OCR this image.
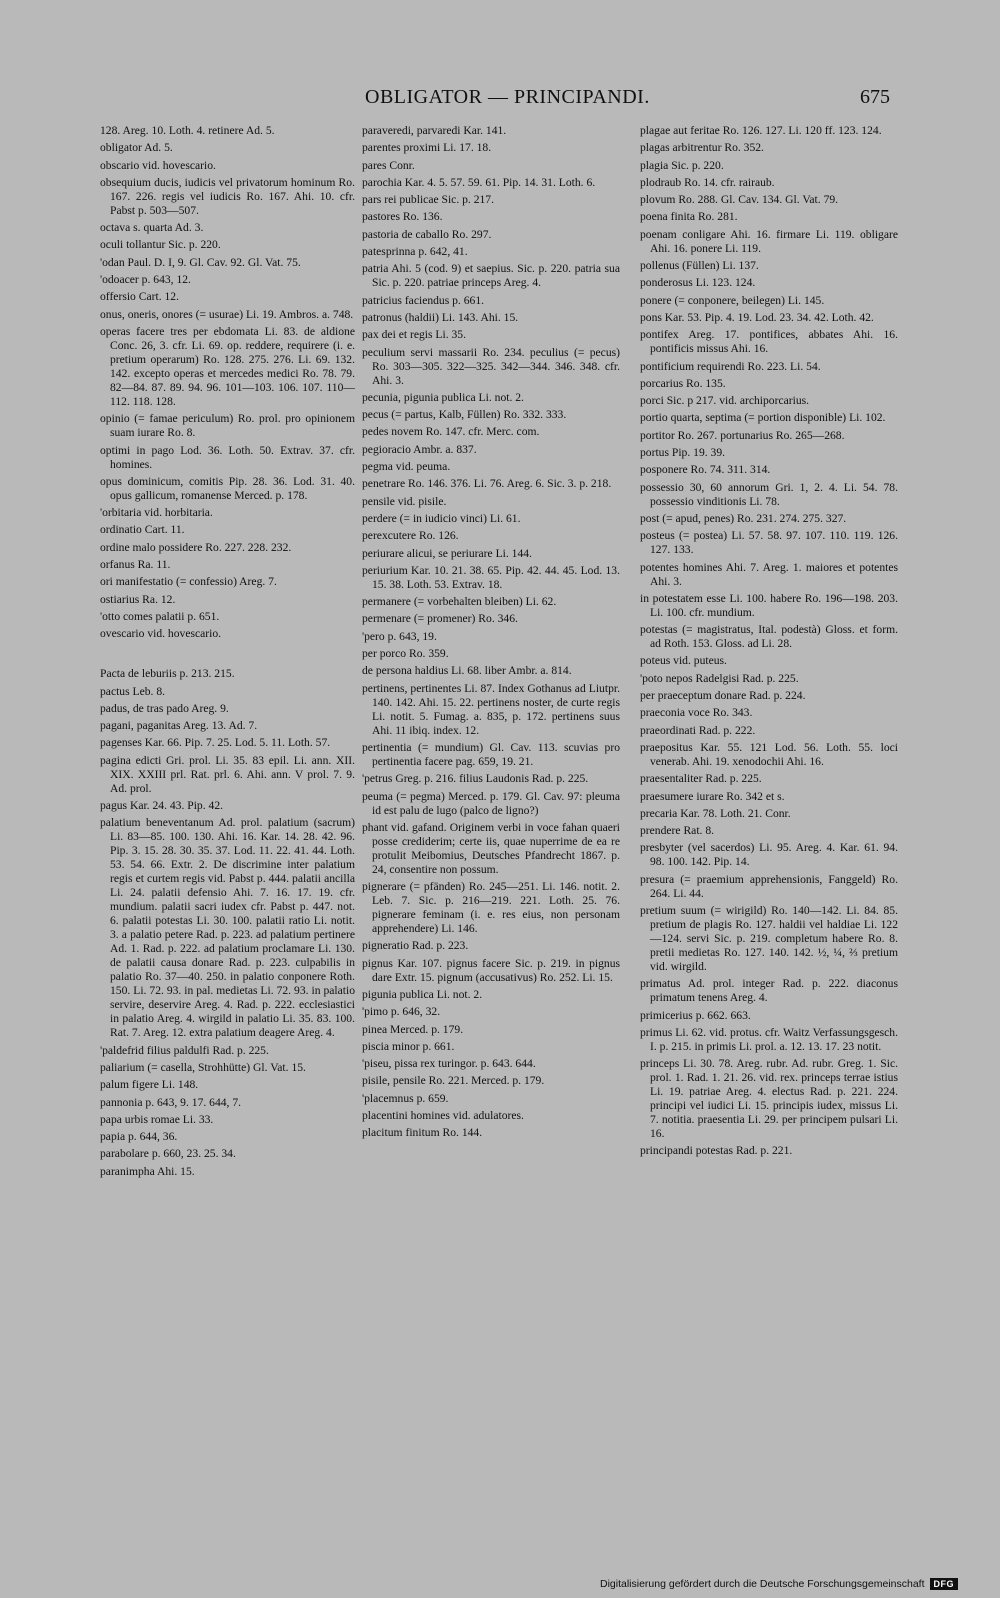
OBLIGATOR — PRINCIPANDI.	675
128. Areg. 10. Loth. 4. retinere Ad. 5.
obligator Ad. 5.
obscario vid. hovescario.
obsequium ducis, iudicis vel privatorum hominum Ro. 167. 226. regis vel iudicis Ro. 167. Ahi. 10. cfr. Pabst p. 503—507.
octava s. quarta Ad. 3.
oculi tollantur Sic. p. 220.
'odan Paul. D. I, 9. Gl. Cav. 92. Gl. Vat. 75.
'odoacer p. 643, 12.
offersio Cart. 12.
onus, oneris, onores (= usurae) Li. 19. Ambros. a. 748.
operas facere tres per ebdomata Li. 83. de aldione Conc. 26, 3. cfr. Li. 69. op. reddere, requirere (i. e. pretium operarum) Ro. 128. 275. 276. Li. 69. 132. 142. excepto operas et mercedes medici Ro. 78. 79. 82—84. 87. 89. 94. 96. 101—103. 106. 107. 110—112. 118. 128.
opinio (= famae periculum) Ro. prol. pro opinionem suam iurare Ro. 8.
optimi in pago Lod. 36. Loth. 50. Extrav. 37. cfr. homines.
opus dominicum, comitis Pip. 28. 36. Lod. 31. 40. opus gallicum, romanense Merced. p. 178.
'orbitaria vid. horbitaria.
ordinatio Cart. 11.
ordine malo possidere Ro. 227. 228. 232.
orfanus Ra. 11.
ori manifestatio (= confessio) Areg. 7.
ostiarius Ra. 12.
'otto comes palatii p. 651.
ovescario vid. hovescario.
Pacta de leburiis p. 213. 215.
pactus Leb. 8.
padus, de tras pado Areg. 9.
pagani, paganitas Areg. 13. Ad. 7.
pagenses Kar. 66. Pip. 7. 25. Lod. 5. 11. Loth. 57.
pagina edicti Gri. prol. Li. 35. 83 epil. Li. ann. XII. XIX. XXIII prl. Rat. prl. 6. Ahi. ann. V prol. 7. 9. Ad. prol.
pagus Kar. 24. 43. Pip. 42.
palatium beneventanum Ad. prol. palatium (sacrum) Li. 83—85. 100. 130. Ahi. 16. Kar. 14. 28. 42. 96. Pip. 3. 15. 28. 30. 35. 37. Lod. 11. 22. 41. 44. Loth. 53. 54. 66. Extr. 2. De discrimine inter palatium regis et curtem regis vid. Pabst p. 444. palatii ancilla Li. 24. palatii defensio Ahi. 7. 16. 17. 19. cfr. mundium. palatii sacri iudex cfr. Pabst p. 447. not. 6. palatii potestas Li. 30. 100. palatii ratio Li. notit. 3. a palatio petere Rad. p. 223. ad palatium pertinere Ad. 1. Rad. p. 222. ad palatium proclamare Li. 130. de palatii causa donare Rad. p. 223. culpabilis in palatio Ro. 37—40. 250. in palatio conponere Roth. 150. Li. 72. 93. in pal. medietas Li. 72. 93. in palatio servire, deservire Areg. 4. Rad. p. 222. ecclesiastici in palatio Areg. 4. wirgild in palatio Li. 35. 83. 100. Rat. 7. Areg. 12. extra palatium deagere Areg. 4.
'paldefrid filius paldulfi Rad. p. 225.
paliarium (= casella, Strohhütte) Gl. Vat. 15.
palum figere Li. 148.
pannonia p. 643, 9. 17. 644, 7.
papa urbis romae Li. 33.
papia p. 644, 36.
parabolare p. 660, 23. 25. 34.
paranimpha Ahi. 15.
paraveredi, parvaredi Kar. 141.
parentes proximi Li. 17. 18.
pares Conr.
parochia Kar. 4. 5. 57. 59. 61. Pip. 14. 31. Loth. 6.
pars rei publicae Sic. p. 217.
pastores Ro. 136.
pastoria de caballo Ro. 297.
patesprinna p. 642, 41.
patria Ahi. 5 (cod. 9) et saepius. Sic. p. 220. patria sua Sic. p. 220. patriae princeps Areg. 4.
patricius faciendus p. 661.
patronus (haldii) Li. 143. Ahi. 15.
pax dei et regis Li. 35.
peculium servi massarii Ro. 234. peculius (= pecus) Ro. 303—305. 322—325. 342—344. 346. 348. cfr. Ahi. 3.
pecunia, pigunia publica Li. not. 2.
pecus (= partus, Kalb, Füllen) Ro. 332. 333.
pedes novem Ro. 147. cfr. Merc. com.
pegioracio Ambr. a. 837.
pegma vid. peuma.
penetrare Ro. 146. 376. Li. 76. Areg. 6. Sic. 3. p. 218.
pensile vid. pisile.
perdere (= in iudicio vinci) Li. 61.
perexcutere Ro. 126.
periurare alicui, se periurare Li. 144.
periurium Kar. 10. 21. 38. 65. Pip. 42. 44. 45. Lod. 13. 15. 38. Loth. 53. Extrav. 18.
permanere (= vorbehalten bleiben) Li. 62.
permenare (= promener) Ro. 346.
'pero p. 643, 19.
per porco Ro. 359.
de persona haldius Li. 68. liber Ambr. a. 814.
pertinens, pertinentes Li. 87. Index Gothanus ad Liutpr. 140. 142. Ahi. 15. 22. pertinens noster, de curte regis Li. notit. 5. Fumag. a. 835, p. 172. pertinens suus Ahi. 11 ibiq. index. 12.
pertinentia (= mundium) Gl. Cav. 113. scuvias pro pertinentia facere pag. 659, 19. 21.
'petrus Greg. p. 216. filius Laudonis Rad. p. 225.
peuma (= pegma) Merced. p. 179. Gl. Cav. 97: pleuma id est palu de lugo (palco de ligno?)
phant vid. gafand. Originem verbi in voce fahan quaeri posse crediderim; certe iis, quae nuperrime de ea re protulit Meibomius, Deutsches Pfandrecht 1867. p. 24, consentire non possum.
pignerare (= pfänden) Ro. 245—251. Li. 146. notit. 2. Leb. 7. Sic. p. 216—219. 221. Loth. 25. 76. pignerare feminam (i. e. res eius, non personam apprehendere) Li. 146.
pigneratio Rad. p. 223.
pignus Kar. 107. pignus facere Sic. p. 219. in pignus dare Extr. 15. pignum (accusativus) Ro. 252. Li. 15.
pigunia publica Li. not. 2.
'pimo p. 646, 32.
pinea Merced. p. 179.
piscia minor p. 661.
'piseu, pissa rex turingor. p. 643. 644.
pisile, pensile Ro. 221. Merced. p. 179.
'placemnus p. 659.
placentini homines vid. adulatores.
placitum finitum Ro. 144.
plagae aut feritae Ro. 126. 127. Li. 120 ff. 123. 124.
plagas arbitrentur Ro. 352.
plagia Sic. p. 220.
plodraub Ro. 14. cfr. rairaub.
plovum Ro. 288. Gl. Cav. 134. Gl. Vat. 79.
poena finita Ro. 281.
poenam conligare Ahi. 16. firmare Li. 119. obligare Ahi. 16. ponere Li. 119.
pollenus (Füllen) Li. 137.
ponderosus Li. 123. 124.
ponere (= conponere, beilegen) Li. 145.
pons Kar. 53. Pip. 4. 19. Lod. 23. 34. 42. Loth. 42.
pontifex Areg. 17. pontifices, abbates Ahi. 16. pontificis missus Ahi. 16.
pontificium requirendi Ro. 223. Li. 54.
porcarius Ro. 135.
porci Sic. p 217. vid. archiporcarius.
portio quarta, septima (= portion disponible) Li. 102.
portitor Ro. 267. portunarius Ro. 265—268.
portus Pip. 19. 39.
posponere Ro. 74. 311. 314.
possessio 30, 60 annorum Gri. 1, 2. 4. Li. 54. 78. possessio vinditionis Li. 78.
post (= apud, penes) Ro. 231. 274. 275. 327.
posteus (= postea) Li. 57. 58. 97. 107. 110. 119. 126. 127. 133.
potentes homines Ahi. 7. Areg. 1. maiores et potentes Ahi. 3.
in potestatem esse Li. 100. habere Ro. 196—198. 203. Li. 100. cfr. mundium.
potestas (= magistratus, Ital. podestà) Gloss. et form. ad Roth. 153. Gloss. ad Li. 28.
poteus vid. puteus.
'poto nepos Radelgisi Rad. p. 225.
per praeceptum donare Rad. p. 224.
praeconia voce Ro. 343.
praeordinati Rad. p. 222.
praepositus Kar. 55. 121 Lod. 56. Loth. 55. loci venerab. Ahi. 19. xenodochii Ahi. 16.
praesentaliter Rad. p. 225.
praesumere iurare Ro. 342 et s.
precaria Kar. 78. Loth. 21. Conr.
prendere Rat. 8.
presbyter (vel sacerdos) Li. 95. Areg. 4. Kar. 61. 94. 98. 100. 142. Pip. 14.
presura (= praemium apprehensionis, Fanggeld) Ro. 264. Li. 44.
pretium suum (= wirigild) Ro. 140—142. Li. 84. 85. pretium de plagis Ro. 127. haldii vel haldiae Li. 122—124. servi Sic. p. 219. completum habere Ro. 8. pretii medietas Ro. 127. 140. 142. ½, ¼, ⅔ pretium vid. wirgild.
primatus Ad. prol. integer Rad. p. 222. diaconus primatum tenens Areg. 4.
primicerius p. 662. 663.
primus Li. 62. vid. protus. cfr. Waitz Verfassungsgesch. I. p. 215. in primis Li. prol. a. 12. 13. 17. 23 notit.
princeps Li. 30. 78. Areg. rubr. Ad. rubr. Greg. 1. Sic. prol. 1. Rad. 1. 21. 26. vid. rex. princeps terrae istius Li. 19. patriae Areg. 4. electus Rad. p. 221. 224. principi vel iudici Li. 15. principis iudex, missus Li. 7. notitia. praesentia Li. 29. per principem pulsari Li. 16.
principandi potestas Rad. p. 221.
Digitalisierung gefördert durch die Deutsche Forschungsgemeinschaft	DFG
